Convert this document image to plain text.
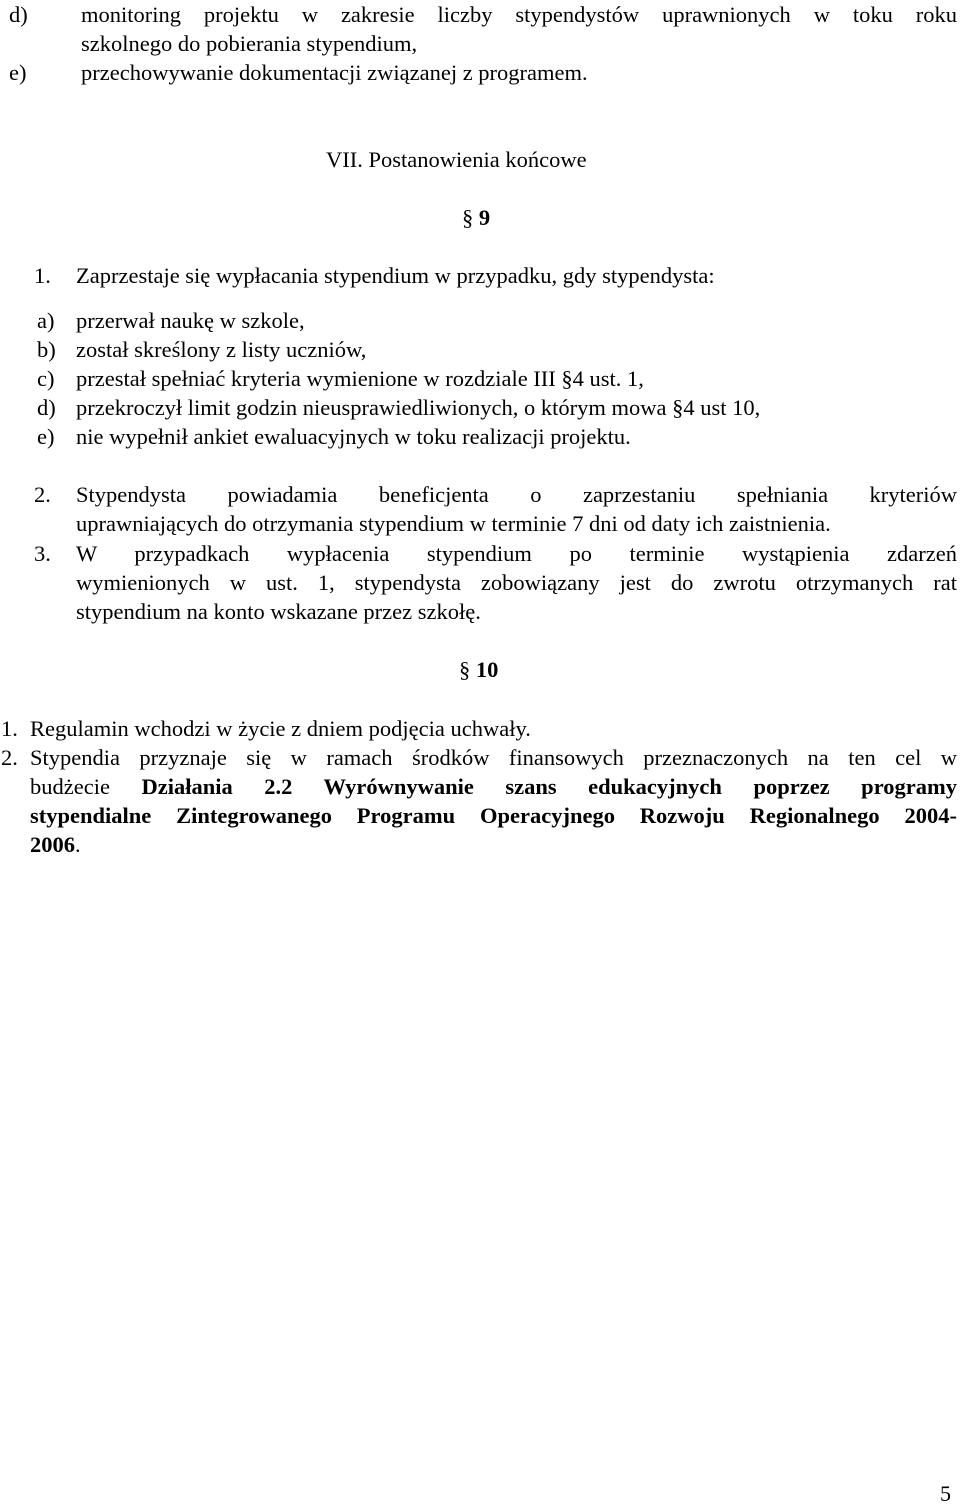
d) monitoring projektu w zakresie liczby stypendystów uprawnionych w toku roku
szkolnego do pobierania stypendium,
e) przechowywanie dokumentacji związanej z programem.
VII. Postanowienia końcowe
§ 9
1. Zaprzestaje się wypłacania stypendium w przypadku, gdy stypendysta:
a) przerwał naukę w szkole,
b) został skreślony z listy uczniów,
c) przestał spełniać kryteria wymienione w rozdziale III §4 ust. 1,
d) przekroczył limit godzin nieusprawiedliwionych, o którym mowa §4 ust 10,
e) nie wypełnił ankiet ewaluacyjnych w toku realizacji projektu.
2. Stypendysta powiadamia beneficjenta o zaprzestaniu spełniania kryteriów
uprawniających do otrzymania stypendium w terminie 7 dni od daty ich zaistnienia.
3. W przypadkach wypłacenia stypendium po terminie wystąpienia zdarzeń
wymienionych w ust. 1, stypendysta zobowiązany jest do zwrotu otrzymanych rat
stypendium na konto wskazane przez szkołę.
§ 10
1. Regulamin wchodzi w życie z dniem podjęcia uchwały.
2. Stypendia przyznaje się w ramach środków finansowych przeznaczonych na ten cel w
budżecie Działania 2.2 Wyrównywanie szans edukacyjnych poprzez programy
stypendialne Zintegrowanego Programu Operacyjnego Rozwoju Regionalnego 2004-
2006.
5
